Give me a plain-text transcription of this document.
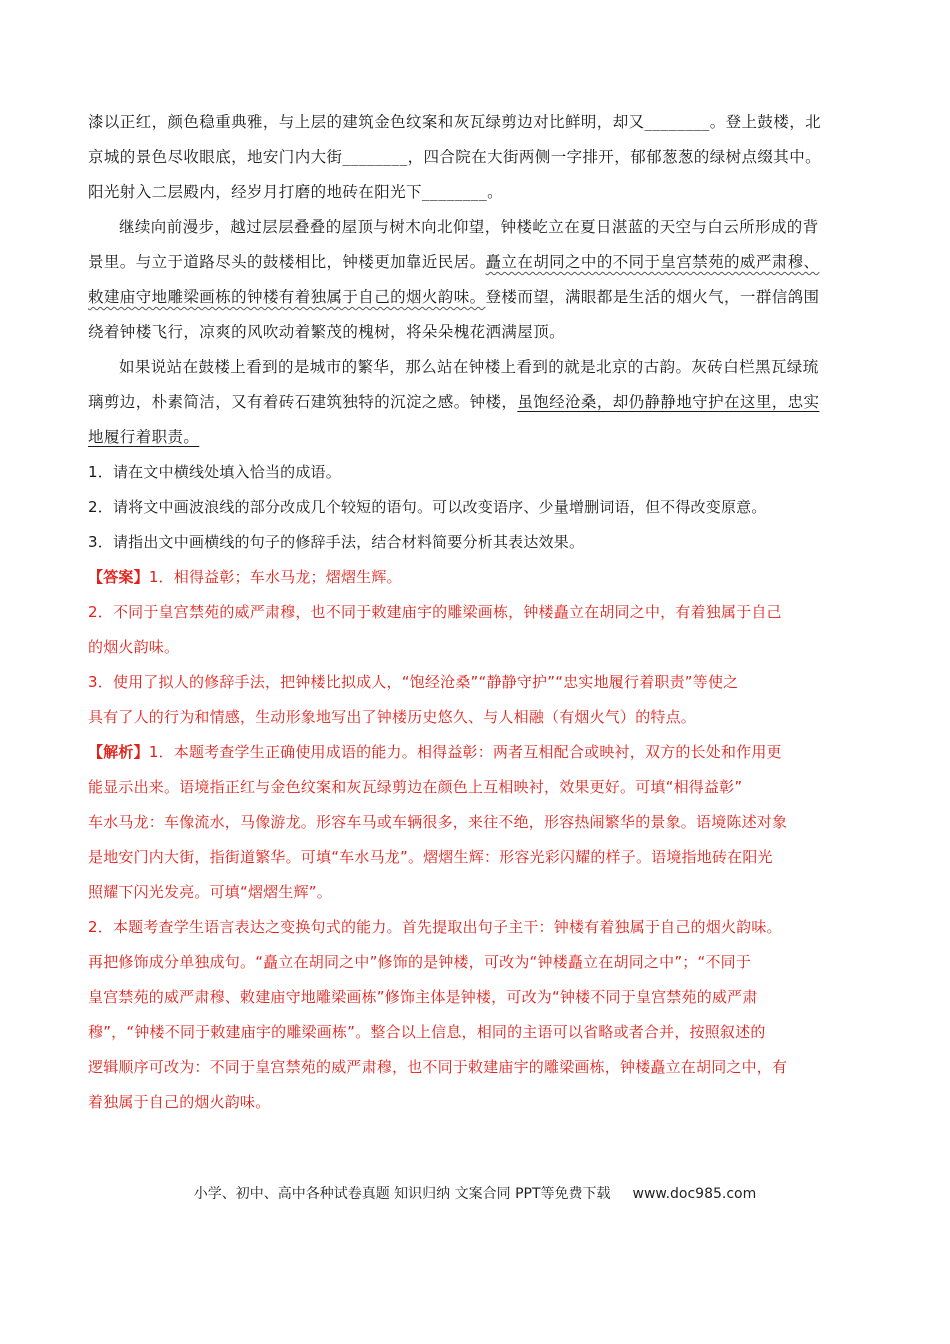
漆以正红，颜色稳重典雅，与上层的建筑金色纹案和灰瓦绿剪边对比鲜明，却又________。登上鼓楼，北
京城的景色尽收眼底，地安门内大街________，四合院在大街两侧一字排开，郁郁葱葱的绿树点缀其中。
阳光射入二层殿内，经岁月打磨的地砖在阳光下________。
继续向前漫步，越过层层叠叠的屋顶与树木向北仰望，钟楼屹立在夏日湛蓝的天空与白云所形成的背
景里。与立于道路尽头的鼓楼相比，钟楼更加靠近民居。矗立在胡同之中的不同于皇宫禁苑的威严肃穆、
敕建庙守地雕梁画栋的钟楼有着独属于自己的烟火韵味。登楼而望，满眼都是生活的烟火气，一群信鸽围
绕着钟楼飞行，凉爽的风吹动着繁茂的槐树，将朵朵槐花洒满屋顶。
如果说站在鼓楼上看到的是城市的繁华，那么站在钟楼上看到的就是北京的古韵。灰砖白栏黑瓦绿琉
璃剪边，朴素简洁，又有着砖石建筑独特的沉淀之感。钟楼，虽饱经沧桑，却仍静静地守护在这里，忠实
地履行着职责。
1．请在文中横线处填入恰当的成语。
2．请将文中画波浪线的部分改成几个较短的语句。可以改变语序、少量增删词语，但不得改变原意。
3．请指出文中画横线的句子的修辞手法，结合材料简要分析其表达效果。
【答案】1．相得益彰；车水马龙；熠熠生辉。
2．不同于皇宫禁苑的威严肃穆，也不同于敕建庙宇的雕梁画栋，钟楼矗立在胡同之中，有着独属于自己
的烟火韵味。
3．使用了拟人的修辞手法，把钟楼比拟成人，“饱经沧桑”“静静守护”“忠实地履行着职责”等使之
具有了人的行为和情感，生动形象地写出了钟楼历史悠久、与人相融（有烟火气）的特点。
【解析】1．本题考查学生正确使用成语的能力。相得益彰：两者互相配合或映衬，双方的长处和作用更
能显示出来。语境指正红与金色纹案和灰瓦绿剪边在颜色上互相映衬，效果更好。可填“相得益彰”
车水马龙：车像流水，马像游龙。形容车马或车辆很多，来往不绝，形容热闹繁华的景象。语境陈述对象
是地安门内大街，指街道繁华。可填“车水马龙”。熠熠生辉：形容光彩闪耀的样子。语境指地砖在阳光
照耀下闪光发亮。可填“熠熠生辉”。
2．本题考查学生语言表达之变换句式的能力。首先提取出句子主干：钟楼有着独属于自己的烟火韵味。
再把修饰成分单独成句。“矗立在胡同之中”修饰的是钟楼，可改为“钟楼矗立在胡同之中”；“不同于
皇宫禁苑的威严肃穆、敕建庙守地雕梁画栋”修饰主体是钟楼，可改为“钟楼不同于皇宫禁苑的威严肃
穆”，“钟楼不同于敕建庙宇的雕梁画栋”。整合以上信息，相同的主语可以省略或者合并，按照叙述的
逻辑顺序可改为：不同于皇宫禁苑的威严肃穆，也不同于敕建庙宇的雕梁画栋，钟楼矗立在胡同之中，有
着独属于自己的烟火韵味。
小学、初中、高中各种试卷真题 知识归纳 文案合同 PPT等免费下载 www.doc985.com
